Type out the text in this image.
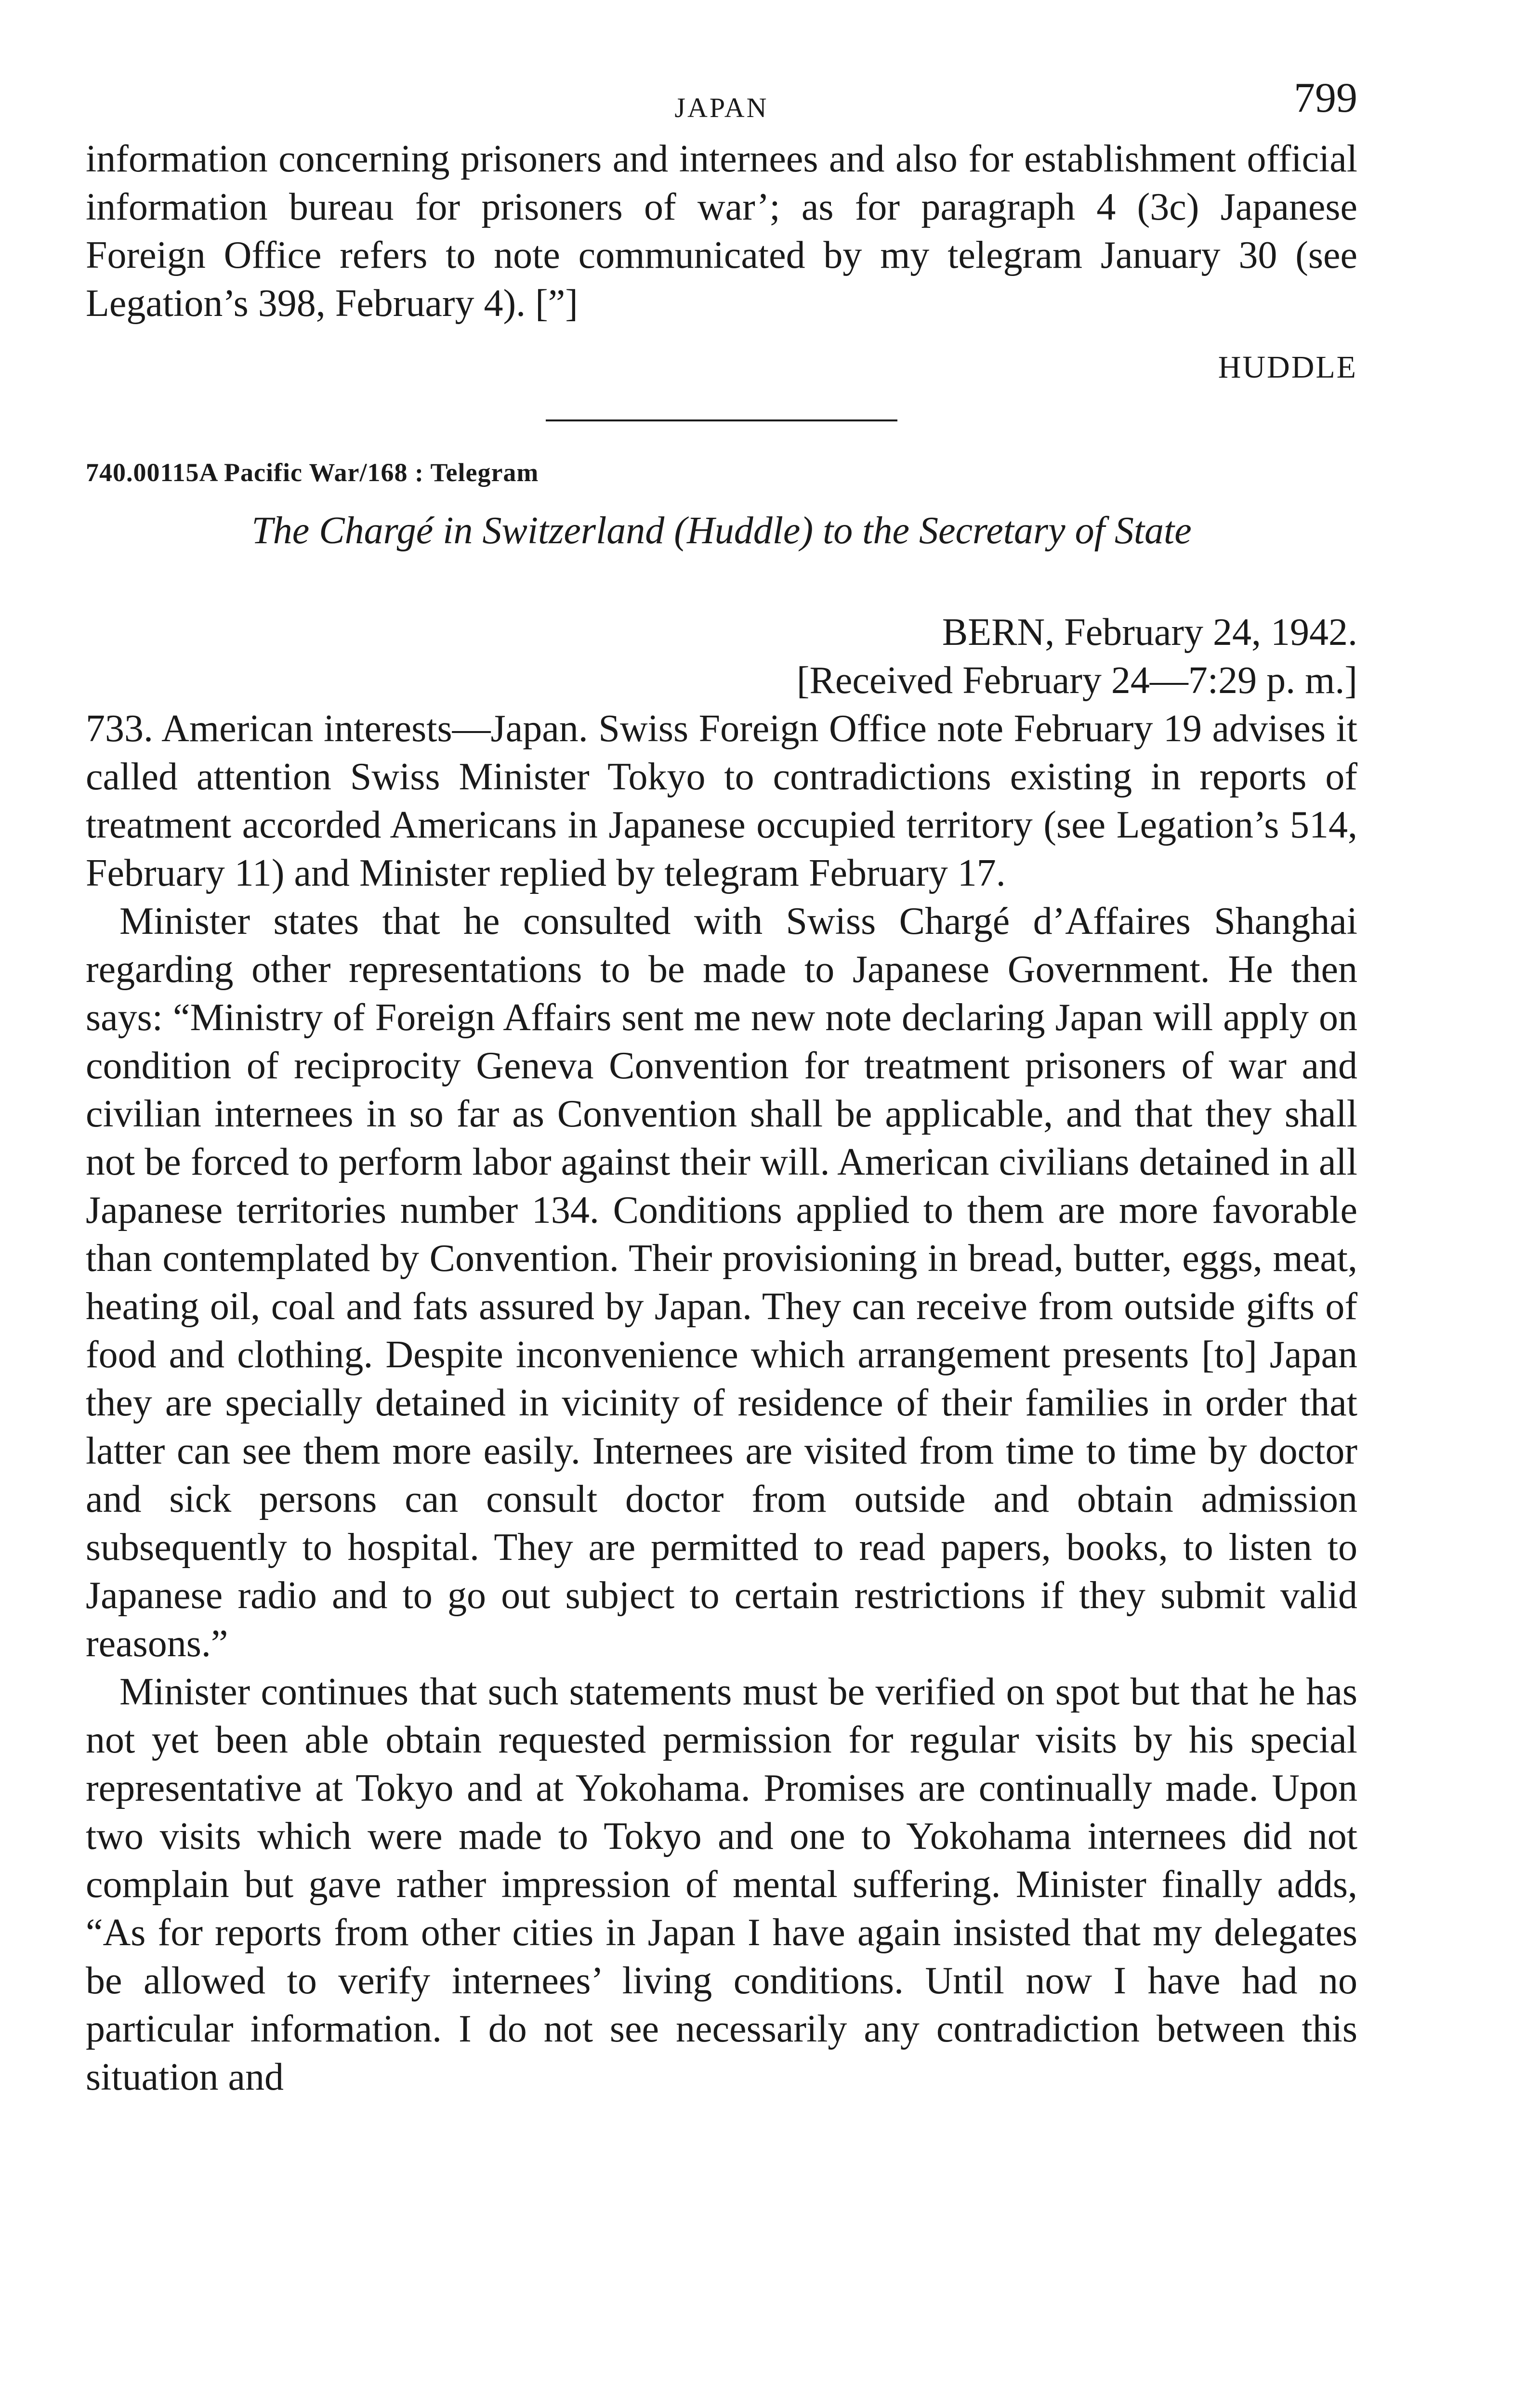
JAPAN	799

information concerning prisoners and internees and also for establishment official information bureau for prisoners of war’; as for paragraph 4 (3c) Japanese Foreign Office refers to note communicated by my telegram January 30 (see Legation’s 398, February 4). [”]

HUDDLE
740.00115A Pacific War/168 : Telegram
The Chargé in Switzerland (Huddle) to the Secretary of State
BERN, February 24, 1942.
[Received February 24—7:29 p. m.]

733. American interests—Japan. Swiss Foreign Office note February 19 advises it called attention Swiss Minister Tokyo to contradictions existing in reports of treatment accorded Americans in Japanese occupied territory (see Legation’s 514, February 11) and Minister replied by telegram February 17.

Minister states that he consulted with Swiss Chargé d’Affaires Shanghai regarding other representations to be made to Japanese Government. He then says: “Ministry of Foreign Affairs sent me new note declaring Japan will apply on condition of reciprocity Geneva Convention for treatment prisoners of war and civilian internees in so far as Convention shall be applicable, and that they shall not be forced to perform labor against their will. American civilians detained in all Japanese territories number 134. Conditions applied to them are more favorable than contemplated by Convention. Their provisioning in bread, butter, eggs, meat, heating oil, coal and fats assured by Japan. They can receive from outside gifts of food and clothing. Despite inconvenience which arrangement presents [to] Japan they are specially detained in vicinity of residence of their families in order that latter can see them more easily. Internees are visited from time to time by doctor and sick persons can consult doctor from outside and obtain admission subsequently to hospital. They are permitted to read papers, books, to listen to Japanese radio and to go out subject to certain restrictions if they submit valid reasons.”

Minister continues that such statements must be verified on spot but that he has not yet been able obtain requested permission for regular visits by his special representative at Tokyo and at Yokohama. Promises are continually made. Upon two visits which were made to Tokyo and one to Yokohama internees did not complain but gave rather impression of mental suffering. Minister finally adds, “As for reports from other cities in Japan I have again insisted that my delegates be allowed to verify internees’ living conditions. Until now I have had no particular information. I do not see necessarily any contradiction between this situation and
